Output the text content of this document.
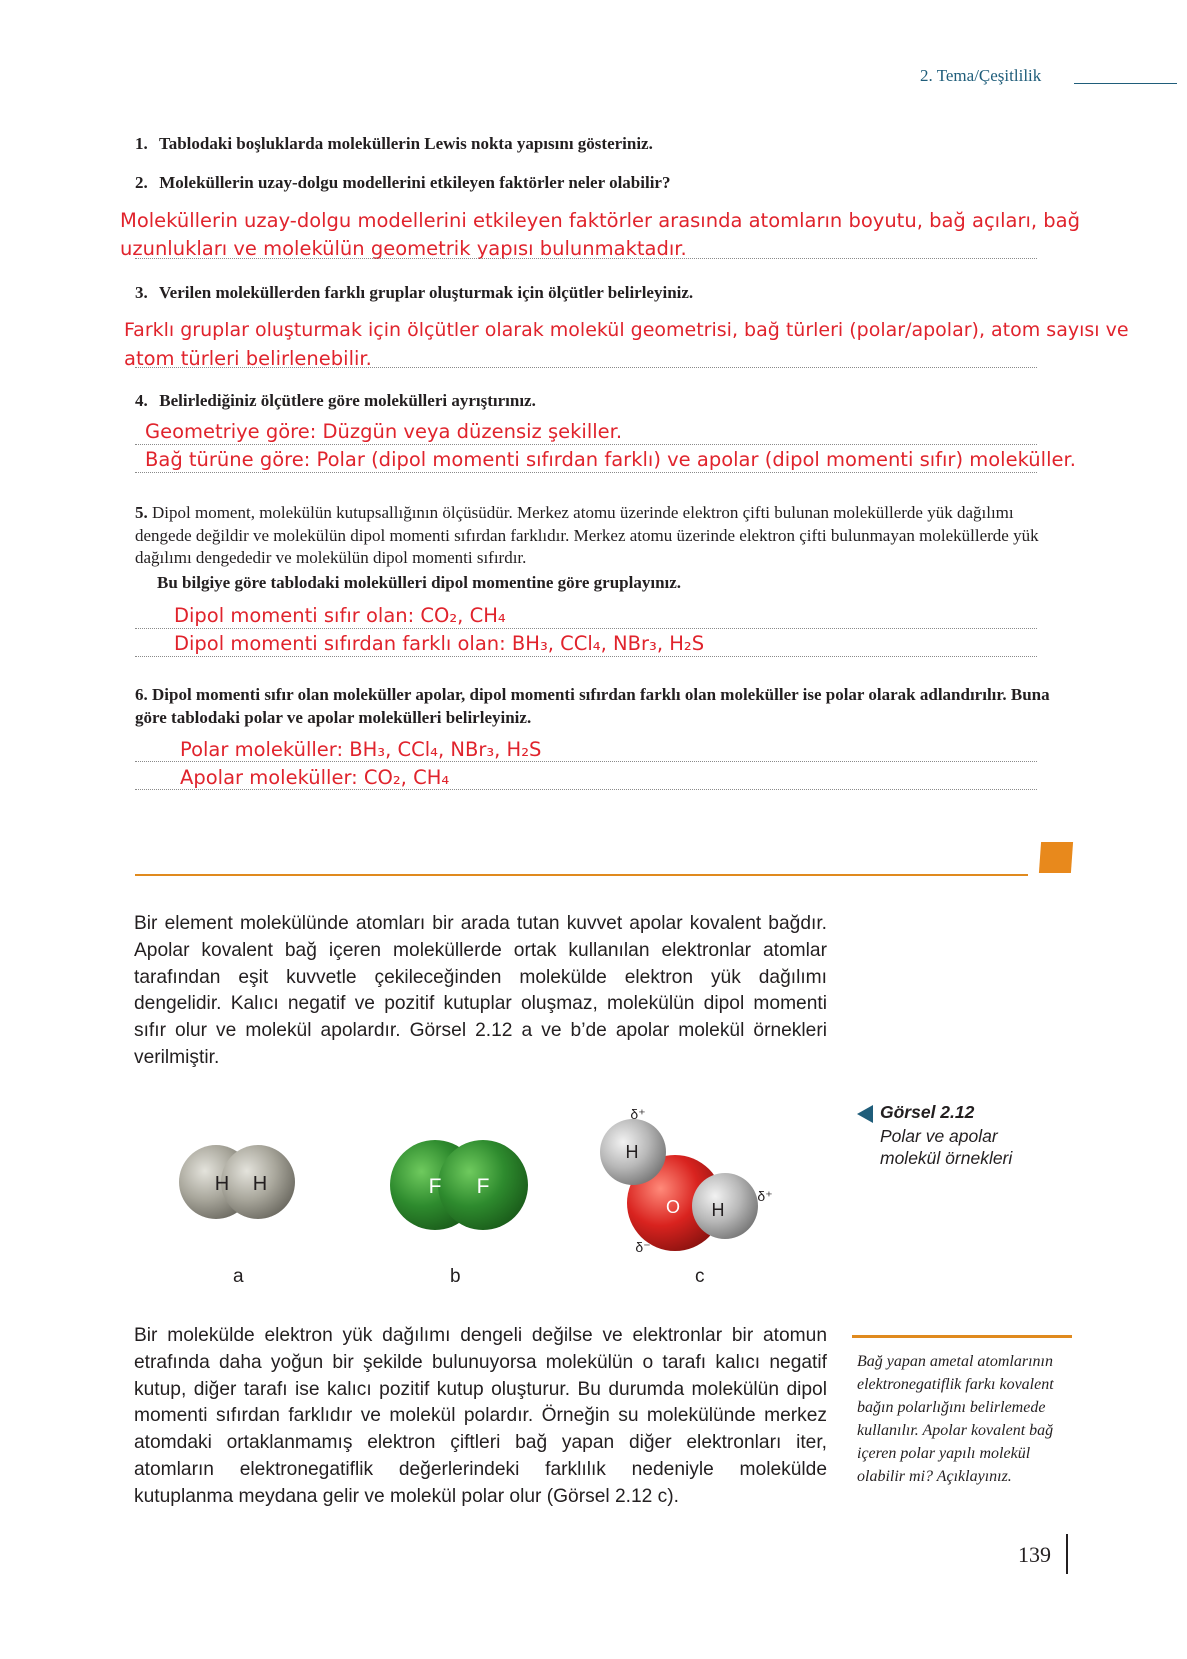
2. Tema/Çeşitlilik
1. Tablodaki boşluklarda moleküllerin Lewis nokta yapısını gösteriniz.
2. Moleküllerin uzay-dolgu modellerini etkileyen faktörler neler olabilir?
Moleküllerin uzay-dolgu modellerini etkileyen faktörler arasında atomların boyutu, bağ açıları, bağ
uzunlukları ve molekülün geometrik yapısı bulunmaktadır.
3. Verilen moleküllerden farklı gruplar oluşturmak için ölçütler belirleyiniz.
Farklı gruplar oluşturmak için ölçütler olarak molekül geometrisi, bağ türleri (polar/apolar), atom sayısı ve
atom türleri belirlenebilir.
4. Belirlediğiniz ölçütlere göre molekülleri ayrıştırınız.
Geometriye göre: Düzgün veya düzensiz şekiller.
Bağ türüne göre: Polar (dipol momenti sıfırdan farklı) ve apolar (dipol momenti sıfır) moleküller.
5. Dipol moment, molekülün kutupsallığının ölçüsüdür. Merkez atomu üzerinde elektron çifti bulunan moleküllerde yük dağılımı dengede değildir ve molekülün dipol momenti sıfırdan farklıdır. Merkez atomu üzerinde elektron çifti bulunmayan moleküllerde yük dağılımı dengededir ve molekülün dipol momenti sıfırdır.
Bu bilgiye göre tablodaki molekülleri dipol momentine göre gruplayınız.
Dipol momenti sıfır olan: CO₂, CH₄
Dipol momenti sıfırdan farklı olan: BH₃, CCl₄, NBr₃, H₂S
6. Dipol momenti sıfır olan moleküller apolar, dipol momenti sıfırdan farklı olan moleküller ise polar olarak adlandırılır. Buna göre tablodaki polar ve apolar molekülleri belirleyiniz.
Polar moleküller: BH₃, CCl₄, NBr₃, H₂S
Apolar moleküller: CO₂, CH₄
Bir element molekülünde atomları bir arada tutan kuvvet apolar kovalent bağdır. Apolar kovalent bağ içeren moleküllerde ortak kullanılan elektronlar atomlar tarafından eşit kuvvetle çekileceğinden molekülde elektron yük dağılımı dengelidir. Kalıcı negatif ve pozitif kutuplar oluşmaz, molekülün dipol momenti sıfır olur ve molekül apolardır. Görsel 2.12 a ve b’de apolar molekül örnekleri verilmiştir.
Görsel 2.12
Polar ve apolar molekül örnekleri
H H	F F
H
O H
δ⁺
δ⁺
δ⁻
a	b	c
Bir molekülde elektron yük dağılımı dengeli değilse ve elektronlar bir atomun etrafında daha yoğun bir şekilde bulunuyorsa molekülün o tarafı kalıcı negatif kutup, diğer tarafı ise kalıcı pozitif kutup oluşturur. Bu durumda molekülün dipol momenti sıfırdan farklıdır ve molekül polardır. Örneğin su molekülünde merkez atomdaki ortaklanmamış elektron çiftleri bağ yapan diğer elektronları iter, atomların elektronegatiflik değerlerindeki farklılık nedeniyle molekülde kutuplanma meydana gelir ve molekül polar olur (Görsel 2.12 c).
Bağ yapan ametal atomlarının elektronegatiflik farkı kovalent bağın polarlığını belirlemede kullanılır. Apolar kovalent bağ içeren polar yapılı molekül olabilir mi? Açıklayınız.
139
